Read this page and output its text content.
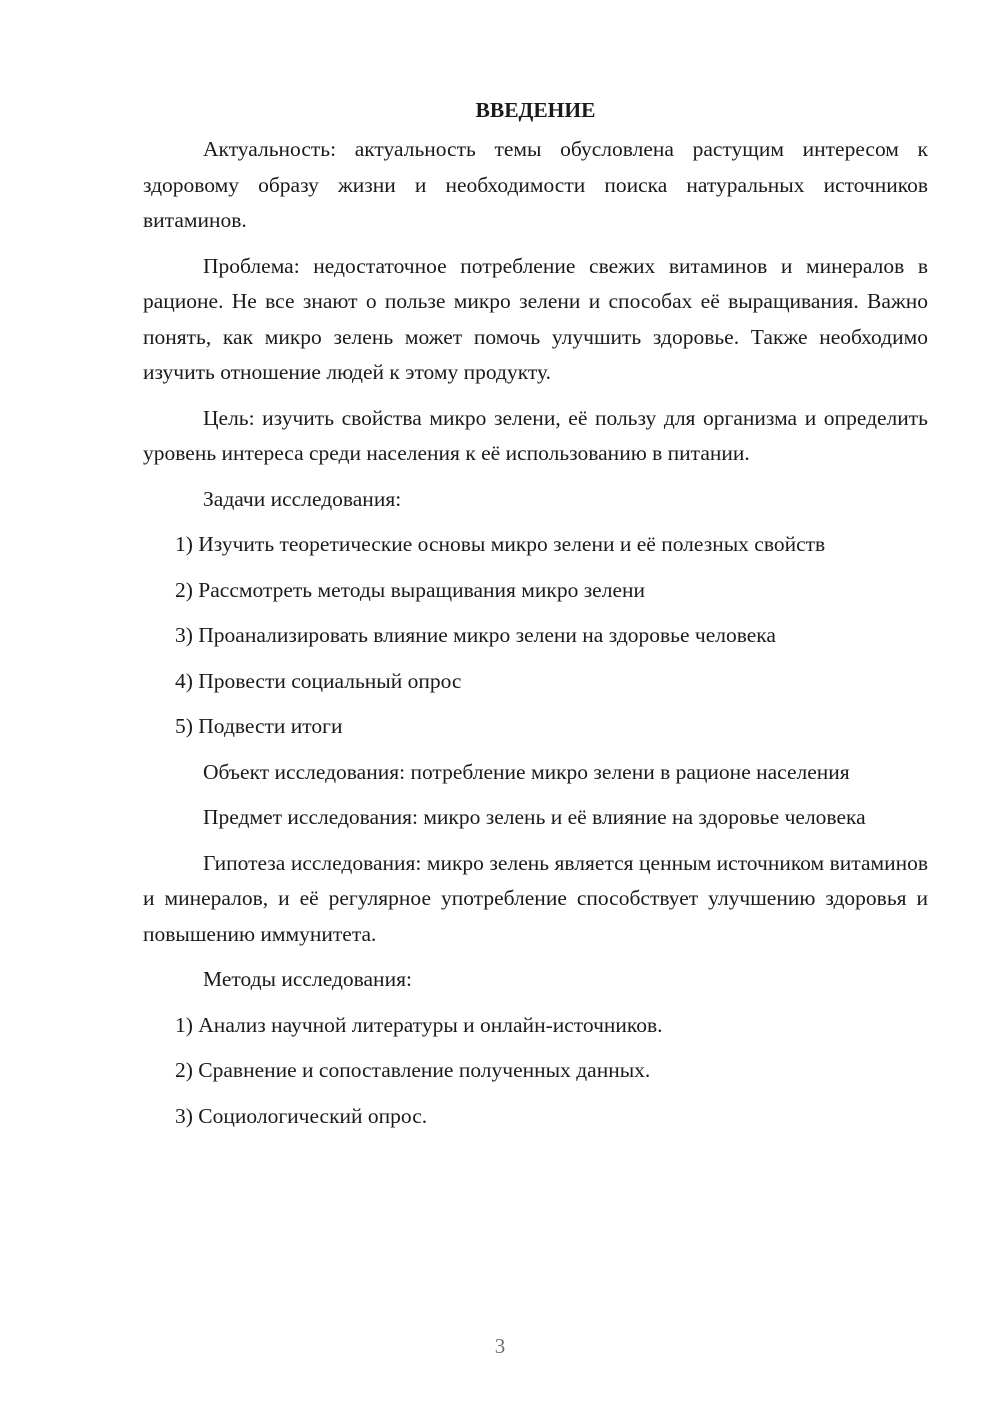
ВВЕДЕНИЕ

Актуальность: актуальность темы обусловлена растущим интересом к здоровому образу жизни и необходимости поиска натуральных источников витаминов.

Проблема: недостаточное потребление свежих витаминов и минералов в рационе. Не все знают о пользе микро зелени и способах её выращивания. Важно понять, как микро зелень может помочь улучшить здоровье. Также необходимо изучить отношение людей к этому продукту.

Цель: изучить свойства микро зелени, её пользу для организма и определить уровень интереса среди населения к её использованию в питании.

Задачи исследования:

1) Изучить теоретические основы микро зелени и её полезных свойств
2) Рассмотреть методы выращивания микро зелени
3) Проанализировать влияние микро зелени на здоровье человека
4) Провести социальный опрос
5) Подвести итоги

Объект исследования: потребление микро зелени в рационе населения

Предмет исследования: микро зелень и её влияние на здоровье человека

Гипотеза исследования: микро зелень является ценным источником витаминов и минералов, и её регулярное употребление способствует улучшению здоровья и повышению иммунитета.

Методы исследования:

1) Анализ научной литературы и онлайн-источников.
2) Сравнение и сопоставление полученных данных.
3) Социологический опрос.
3
